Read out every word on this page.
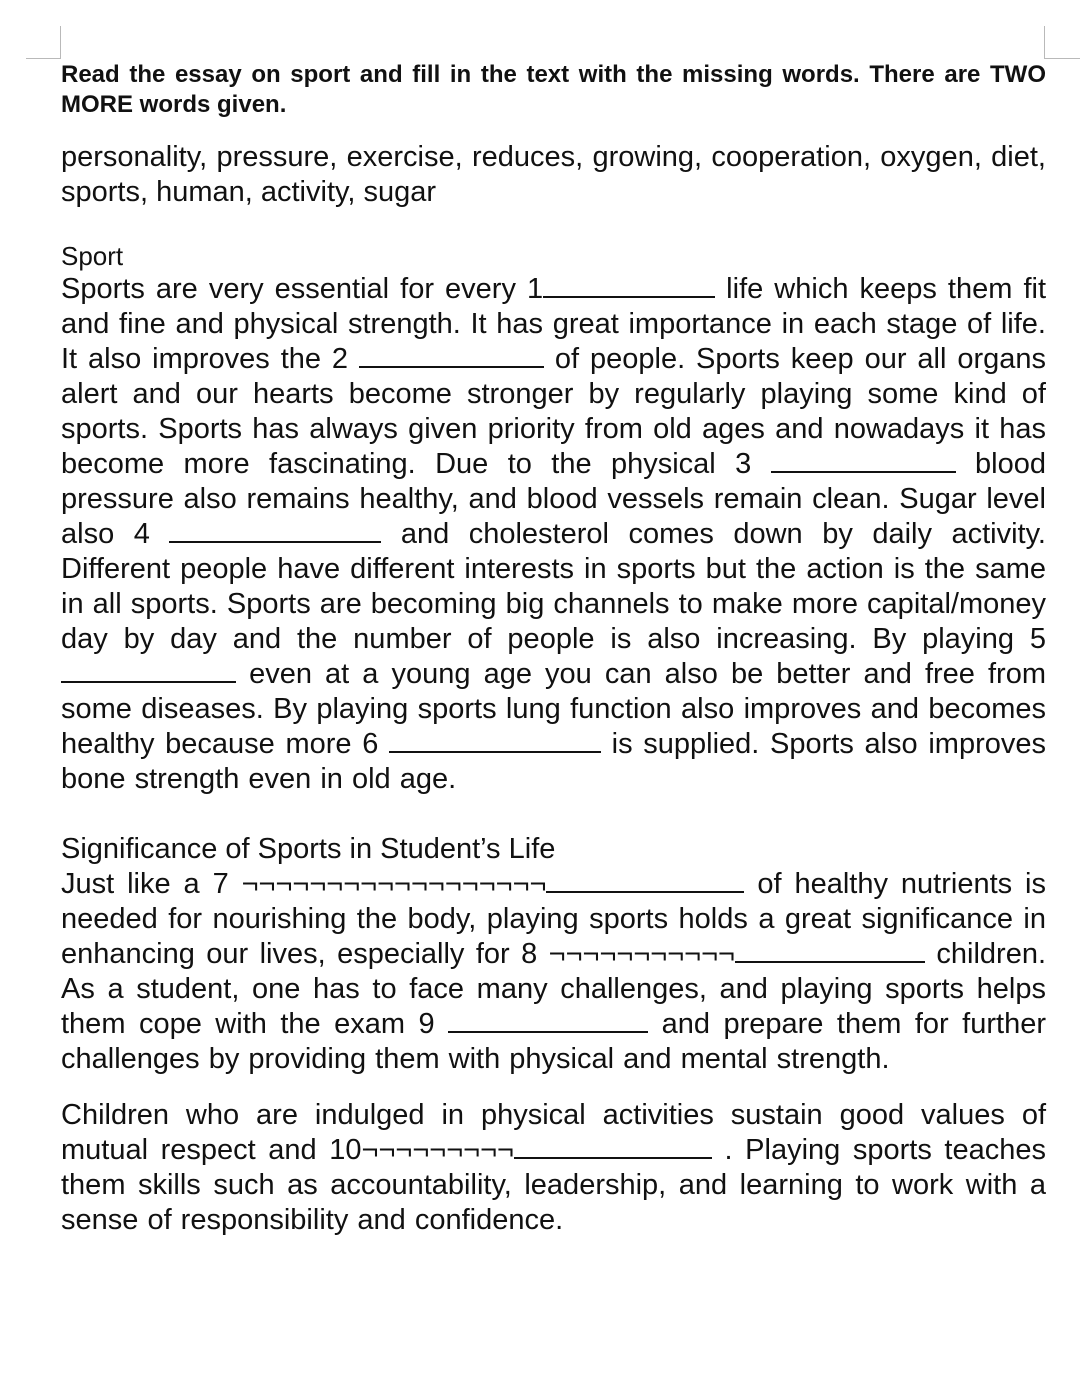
Read the essay on sport and fill in the text with the missing words. There are TWO MORE words given.

personality, pressure, exercise, reduces, growing, cooperation, oxygen, diet, sports, human, activity, sugar

Sport

Sports are very essential for every 1	life which keeps them fit and fine and physical strength. It has great importance in each stage of life. It also improves the 2	of people. Sports keep our all organs alert and our hearts become stronger by regularly playing some kind of sports. Sports has always given priority from old ages and nowadays it has become more fascinating. Due to the physical 3	blood pressure also remains healthy, and blood vessels remain clean. Sugar level also 4	and cholesterol comes down by daily activity. Different people have different interests in sports but the action is the same in all sports. Sports are becoming big channels to make more capital/money day by day and the number of people is also increasing. By playing 5  even at a young age you can also be better and free from some diseases. By playing sports lung function also improves and becomes healthy because more 6	is supplied. Sports also improves bone strength even in old age.

Significance of Sports in Student’s Life

Just like a 7 ¬¬¬¬¬¬¬¬¬¬¬¬¬¬¬¬¬¬	of healthy nutrients is needed for nourishing the body, playing sports holds a great significance in enhancing our lives, especially for 8 ¬¬¬¬¬¬¬¬¬¬¬	children. As a student, one has to face many challenges, and playing sports helps them cope with the exam 9	and prepare them for further challenges by providing them with physical and mental strength.

Children who are indulged in physical activities sustain good values of mutual respect and 10¬¬¬¬¬¬¬¬¬	. Playing sports teaches them skills such as accountability, leadership, and learning to work with a sense of responsibility and confidence.
